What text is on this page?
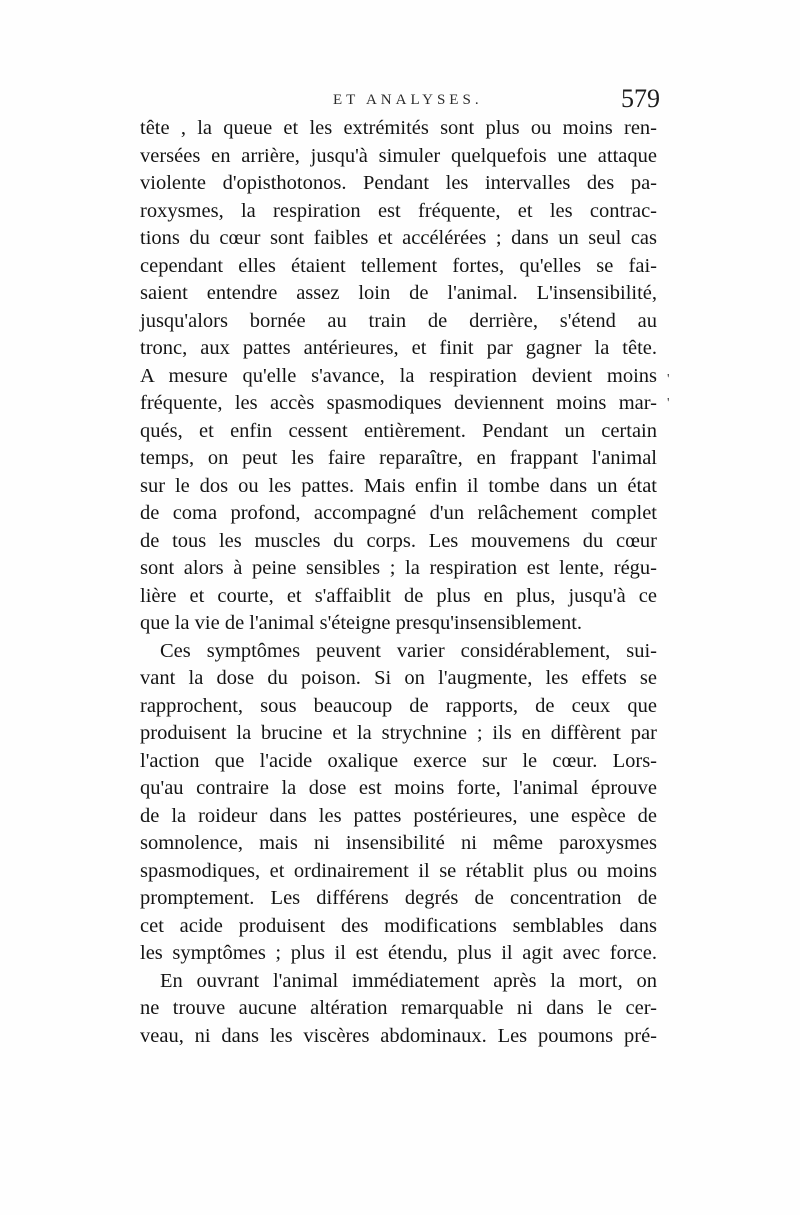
ET ANALYSES.	579
'
'
tête , la queue et les extrémités sont plus ou moins ren-
versées en arrière, jusqu'à simuler quelquefois une attaque
violente d'opisthotonos. Pendant les intervalles des pa-
roxysmes, la respiration est fréquente, et les contrac-
tions du cœur sont faibles et accélérées ; dans un seul cas
cependant elles étaient tellement fortes, qu'elles se fai-
saient entendre assez loin de l'animal. L'insensibilité,
jusqu'alors bornée au train de derrière, s'étend au
tronc, aux pattes antérieures, et finit par gagner la tête.
A mesure qu'elle s'avance, la respiration devient moins
fréquente, les accès spasmodiques deviennent moins mar-
qués, et enfin cessent entièrement. Pendant un certain
temps, on peut les faire reparaître, en frappant l'animal
sur le dos ou les pattes. Mais enfin il tombe dans un état
de coma profond, accompagné d'un relâchement complet
de tous les muscles du corps. Les mouvemens du cœur
sont alors à peine sensibles ; la respiration est lente, régu-
lière et courte, et s'affaiblit de plus en plus, jusqu'à ce
que la vie de l'animal s'éteigne presqu'insensiblement.
Ces symptômes peuvent varier considérablement, sui-
vant la dose du poison. Si on l'augmente, les effets se
rapprochent, sous beaucoup de rapports, de ceux que
produisent la brucine et la strychnine ; ils en diffèrent par
l'action que l'acide oxalique exerce sur le cœur. Lors-
qu'au contraire la dose est moins forte, l'animal éprouve
de la roideur dans les pattes postérieures, une espèce de
somnolence, mais ni insensibilité ni même paroxysmes
spasmodiques, et ordinairement il se rétablit plus ou moins
promptement. Les différens degrés de concentration de
cet acide produisent des modifications semblables dans
les symptômes ; plus il est étendu, plus il agit avec force.
En ouvrant l'animal immédiatement après la mort, on
ne trouve aucune altération remarquable ni dans le cer-
veau, ni dans les viscères abdominaux. Les poumons pré-
